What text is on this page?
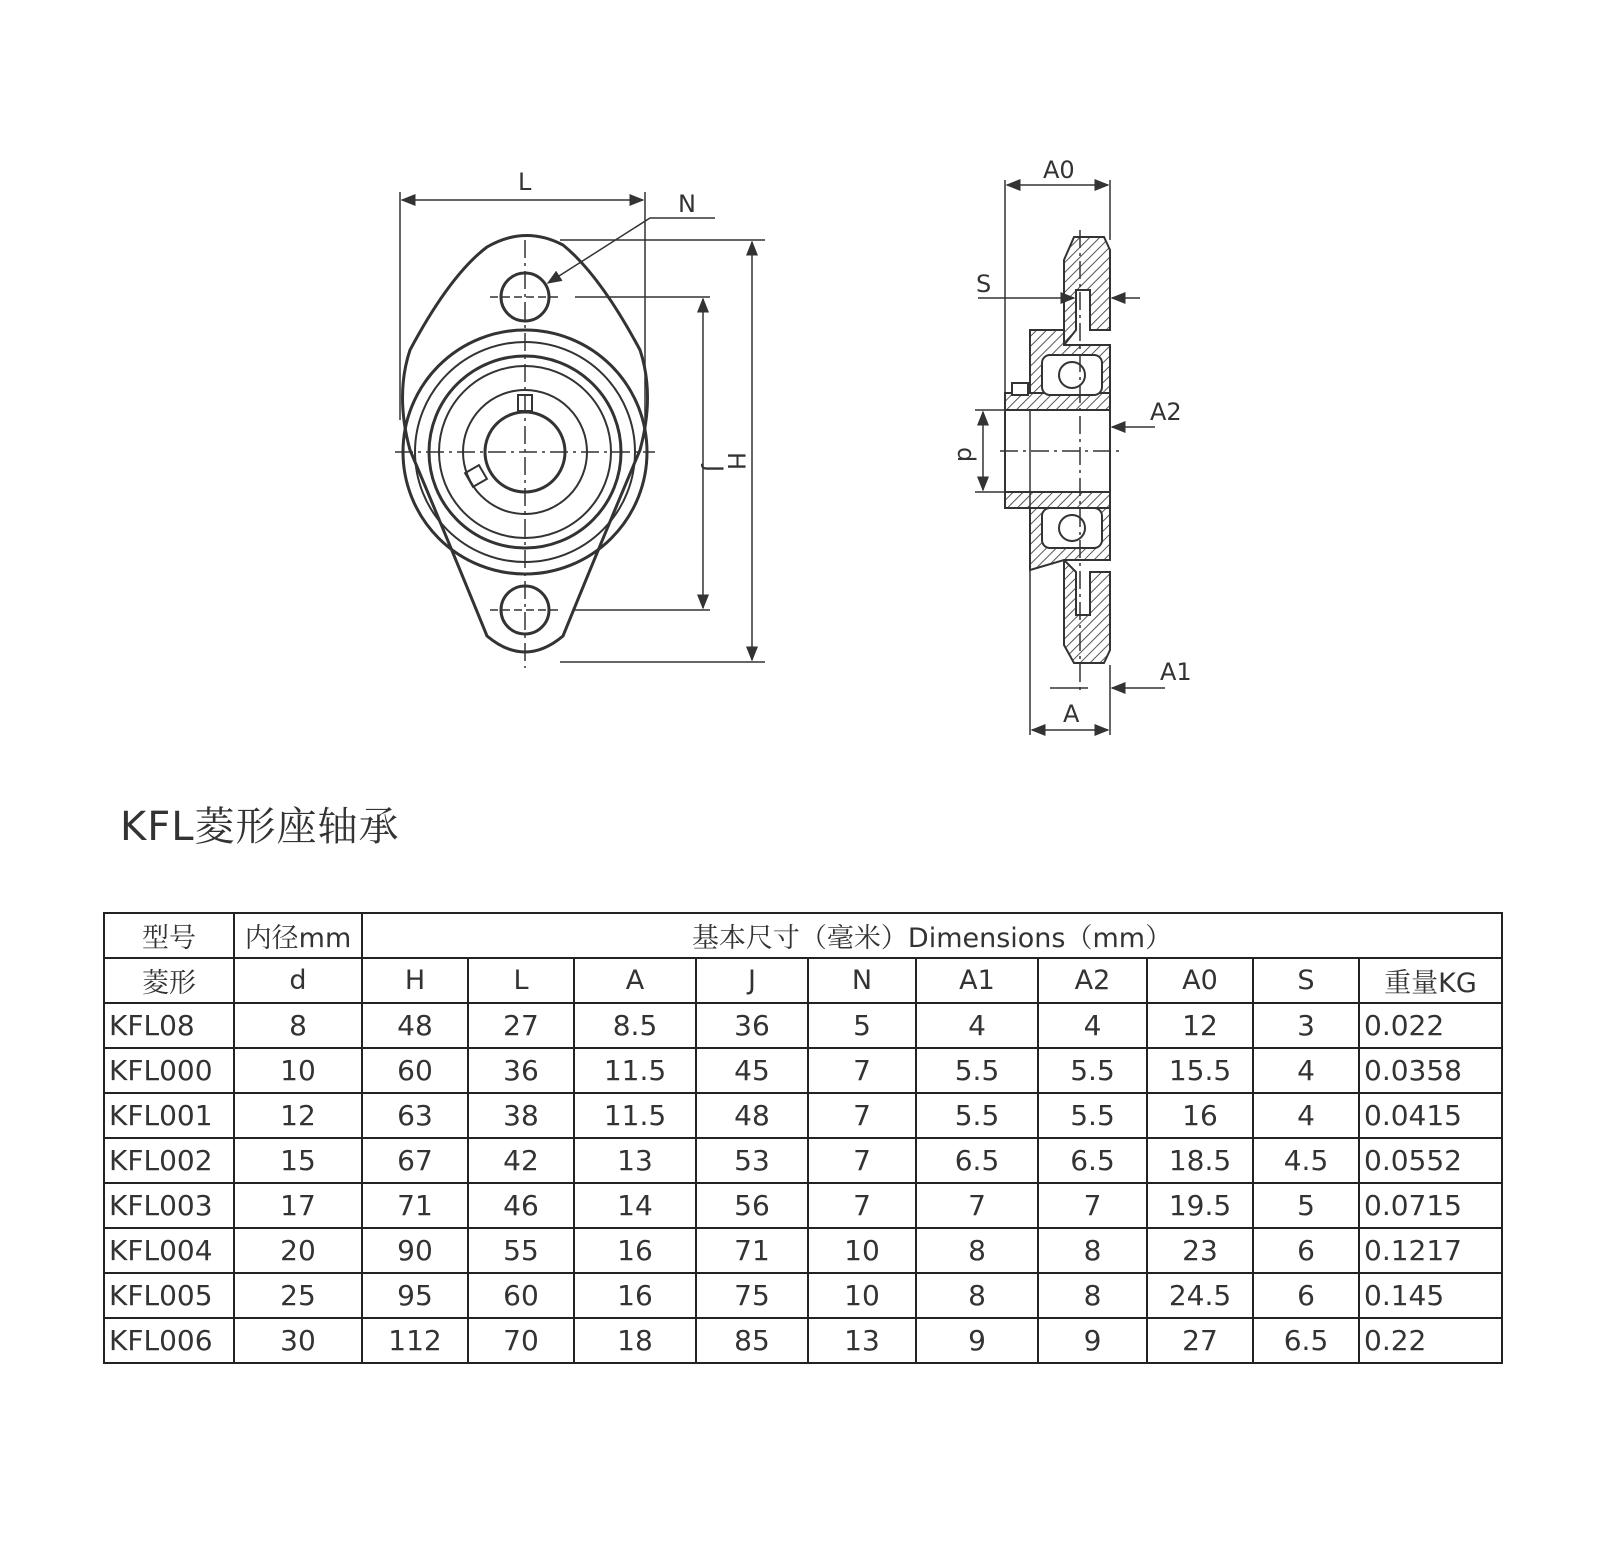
L
N
J
H
A0
S
A2
d
A1
A
KFL菱形座轴承
型号	内径mm	基本尺寸（毫米）Dimensions（mm）									
菱形	d	H	L	A	J	N	A1	A2	A0	S	重量KG
KFL08	8	48	27	8.5	36	5	4	4	12	3	0.022
KFL000	10	60	36	11.5	45	7	5.5	5.5	15.5	4	0.0358
KFL001	12	63	38	11.5	48	7	5.5	5.5	16	4	0.0415
KFL002	15	67	42	13	53	7	6.5	6.5	18.5	4.5	0.0552
KFL003	17	71	46	14	56	7	7	7	19.5	5	0.0715
KFL004	20	90	55	16	71	10	8	8	23	6	0.1217
KFL005	25	95	60	16	75	10	8	8	24.5	6	0.145
KFL006	30	112	70	18	85	13	9	9	27	6.5	0.22
